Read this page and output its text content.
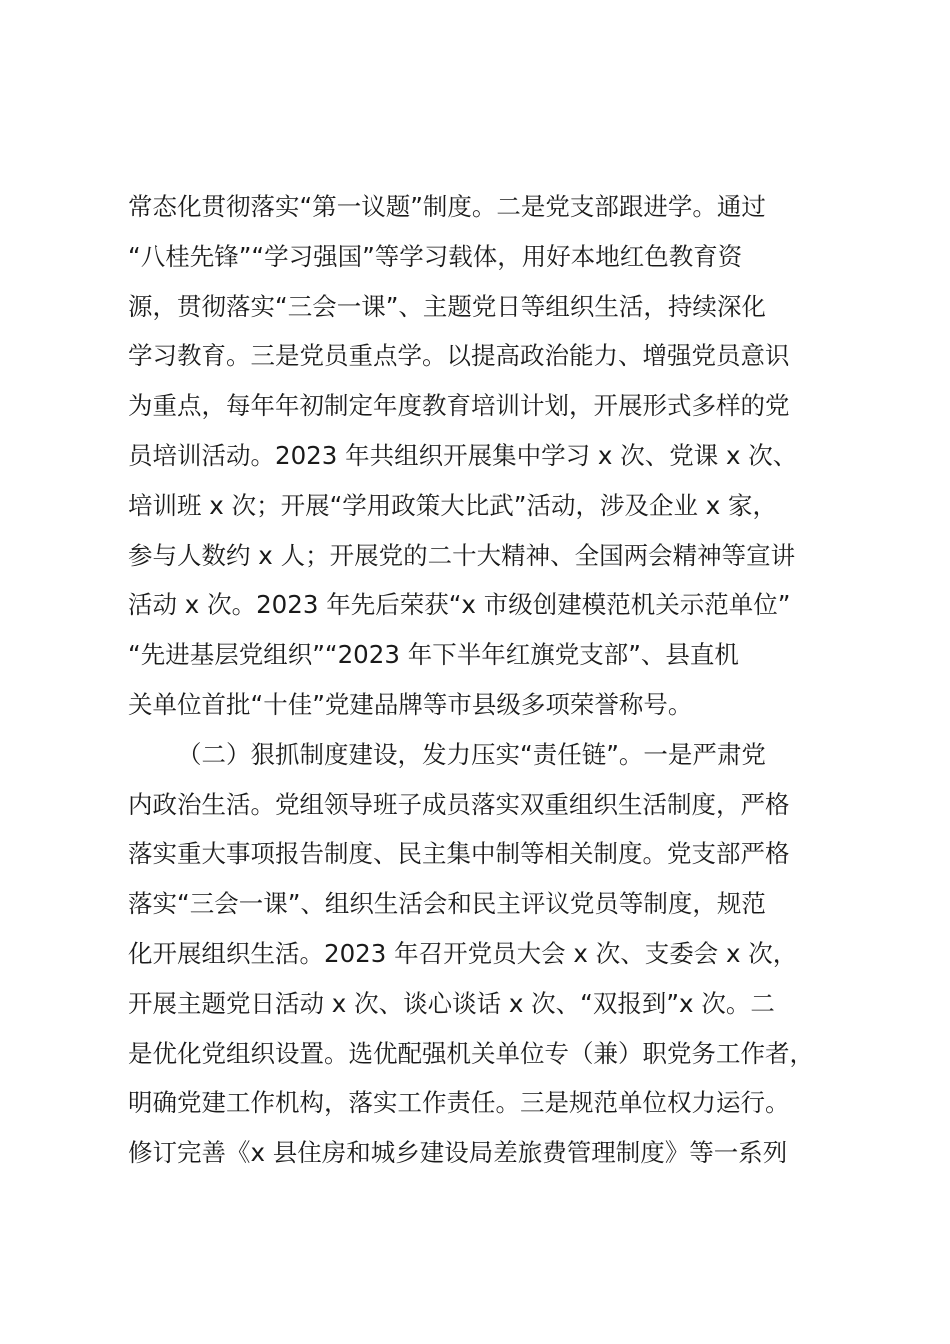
常态化贯彻落实“第一议题”制度。二是党支部跟进学。通过
“八桂先锋”“学习强国”等学习载体，用好本地红色教育资
源，贯彻落实“三会一课”、主题党日等组织生活，持续深化
学习教育。三是党员重点学。以提高政治能力、增强党员意识
为重点，每年年初制定年度教育培训计划，开展形式多样的党
员培训活动。2023 年共组织开展集中学习 x 次、党课 x 次、
培训班 x 次；开展“学用政策大比武”活动，涉及企业 x 家，
参与人数约 x 人；开展党的二十大精神、全国两会精神等宣讲
活动 x 次。2023 年先后荣获“x 市级创建模范机关示范单位”
“先进基层党组织”“2023 年下半年红旗党支部”、县直机
关单位首批“十佳”党建品牌等市县级多项荣誉称号。
（二）狠抓制度建设，发力压实“责任链”。一是严肃党
内政治生活。党组领导班子成员落实双重组织生活制度，严格
落实重大事项报告制度、民主集中制等相关制度。党支部严格
落实“三会一课”、组织生活会和民主评议党员等制度，规范
化开展组织生活。2023 年召开党员大会 x 次、支委会 x 次，
开展主题党日活动 x 次、谈心谈话 x 次、“双报到”x 次。二
是优化党组织设置。选优配强机关单位专（兼）职党务工作者，
明确党建工作机构，落实工作责任。三是规范单位权力运行。
修订完善《x 县住房和城乡建设局差旅费管理制度》等一系列
